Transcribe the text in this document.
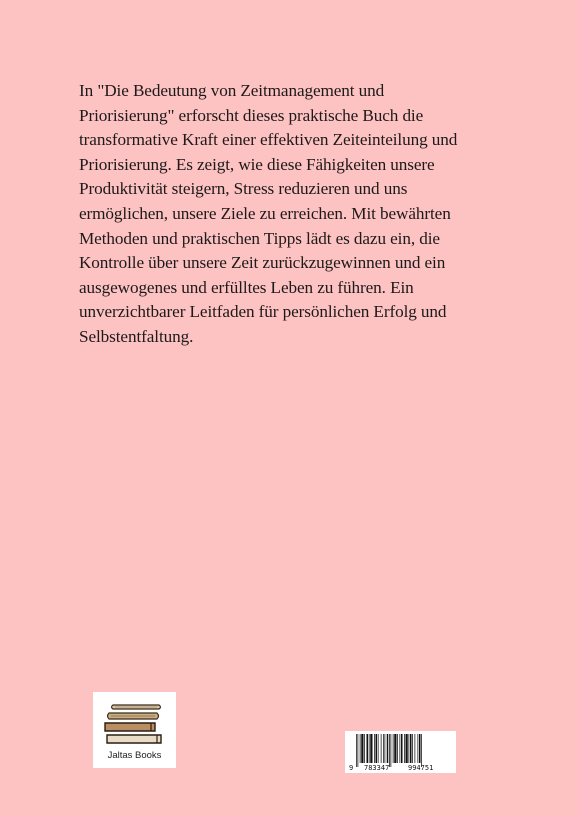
In "Die Bedeutung von Zeitmanagement und
Priorisierung" erforscht dieses praktische Buch die
transformative Kraft einer effektiven Zeiteinteilung und
Priorisierung. Es zeigt, wie diese Fähigkeiten unsere
Produktivität steigern, Stress reduzieren und uns
ermöglichen, unsere Ziele zu erreichen. Mit bewährten
Methoden und praktischen Tipps lädt es dazu ein, die
Kontrolle über unsere Zeit zurückzugewinnen und ein
ausgewogenes und erfülltes Leben zu führen. Ein
unverzichtbarer Leitfaden für persönlichen Erfolg und
Selbstentfaltung.
Jaltas Books
9 783347	994751
